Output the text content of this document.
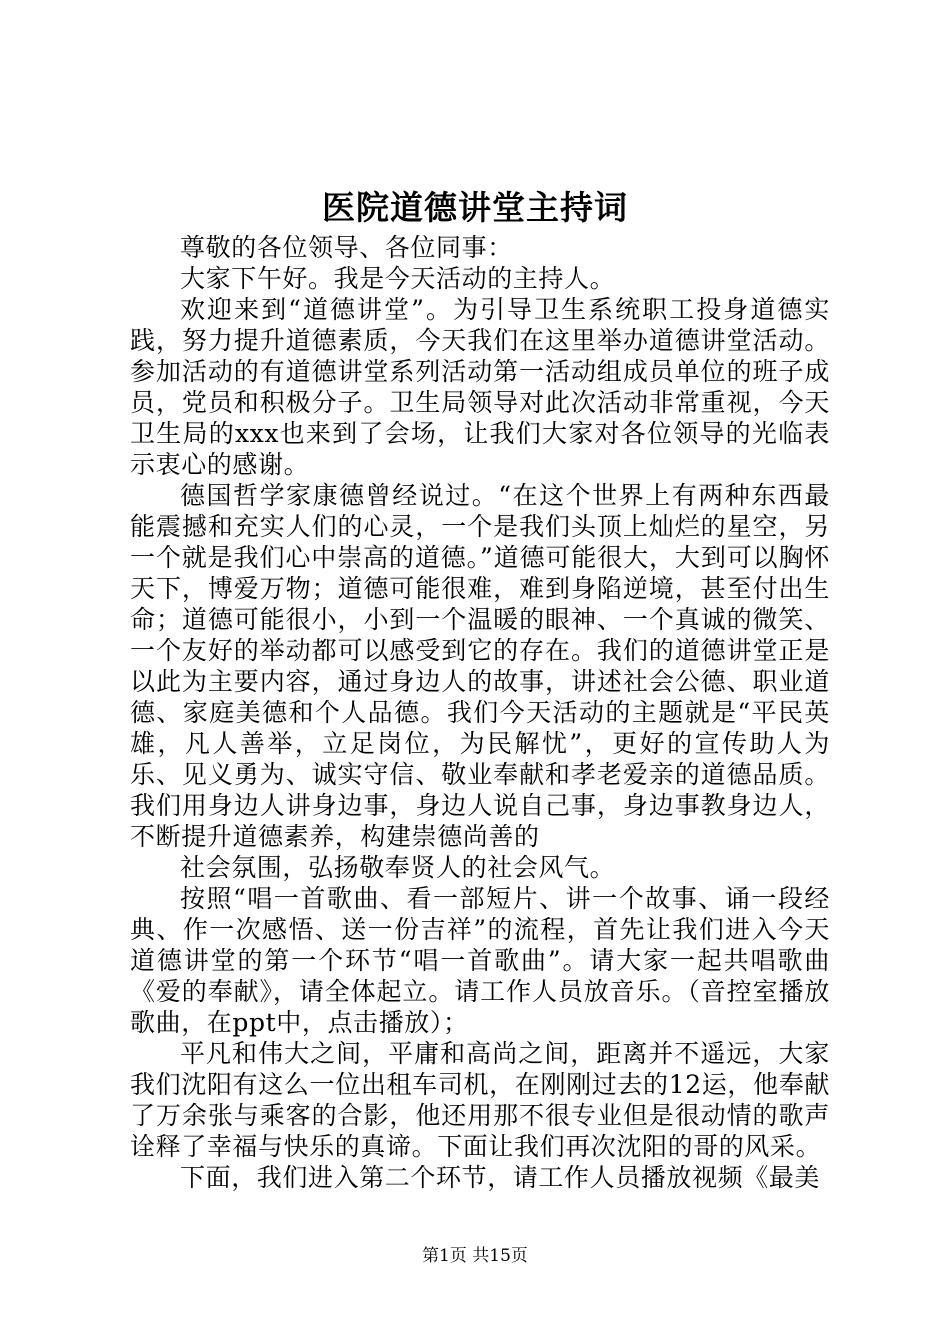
医院道德讲堂主持词

尊敬的各位领导、各位同事：

大家下午好。我是今天活动的主持人。

欢迎来到“道德讲堂”。为引导卫生系统职工投身道德实践，努力提升道德素质，今天我们在这里举办道德讲堂活动。参加活动的有道德讲堂系列活动第一活动组成员单位的班子成员，党员和积极分子。卫生局领导对此次活动非常重视，今天卫生局的xxx也来到了会场，让我们大家对各位领导的光临表示衷心的感谢。

德国哲学家康德曾经说过。“在这个世界上有两种东西最能震撼和充实人们的心灵，一个是我们头顶上灿烂的星空，另一个就是我们心中崇高的道德。”道德可能很大，大到可以胸怀天下，博爱万物；道德可能很难，难到身陷逆境，甚至付出生命；道德可能很小，小到一个温暖的眼神、一个真诚的微笑、一个友好的举动都可以感受到它的存在。我们的道德讲堂正是以此为主要内容，通过身边人的故事，讲述社会公德、职业道德、家庭美德和个人品德。我们今天活动的主题就是“平民英雄，凡人善举，立足岗位，为民解忧”，更好的宣传助人为乐、见义勇为、诚实守信、敬业奉献和孝老爱亲的道德品质。我们用身边人讲身边事，身边人说自己事，身边事教身边人，不断提升道德素养，构建崇德尚善的

社会氛围，弘扬敬奉贤人的社会风气。

按照“唱一首歌曲、看一部短片、讲一个故事、诵一段经典、作一次感悟、送一份吉祥”的流程，首先让我们进入今天道德讲堂的第一个环节“唱一首歌曲”。请大家一起共唱歌曲《爱的奉献》，请全体起立。请工作人员放音乐。（音控室播放歌曲，在ppt中，点击播放）；

平凡和伟大之间，平庸和高尚之间，距离并不遥远，大家我们沈阳有这么一位出租车司机，在刚刚过去的12运，他奉献了万余张与乘客的合影，他还用那不很专业但是很动情的歌声诠释了幸福与快乐的真谛。下面让我们再次沈阳的哥的风采。

下面，我们进入第二个环节，请工作人员播放视频《最美

第1页 共15页
